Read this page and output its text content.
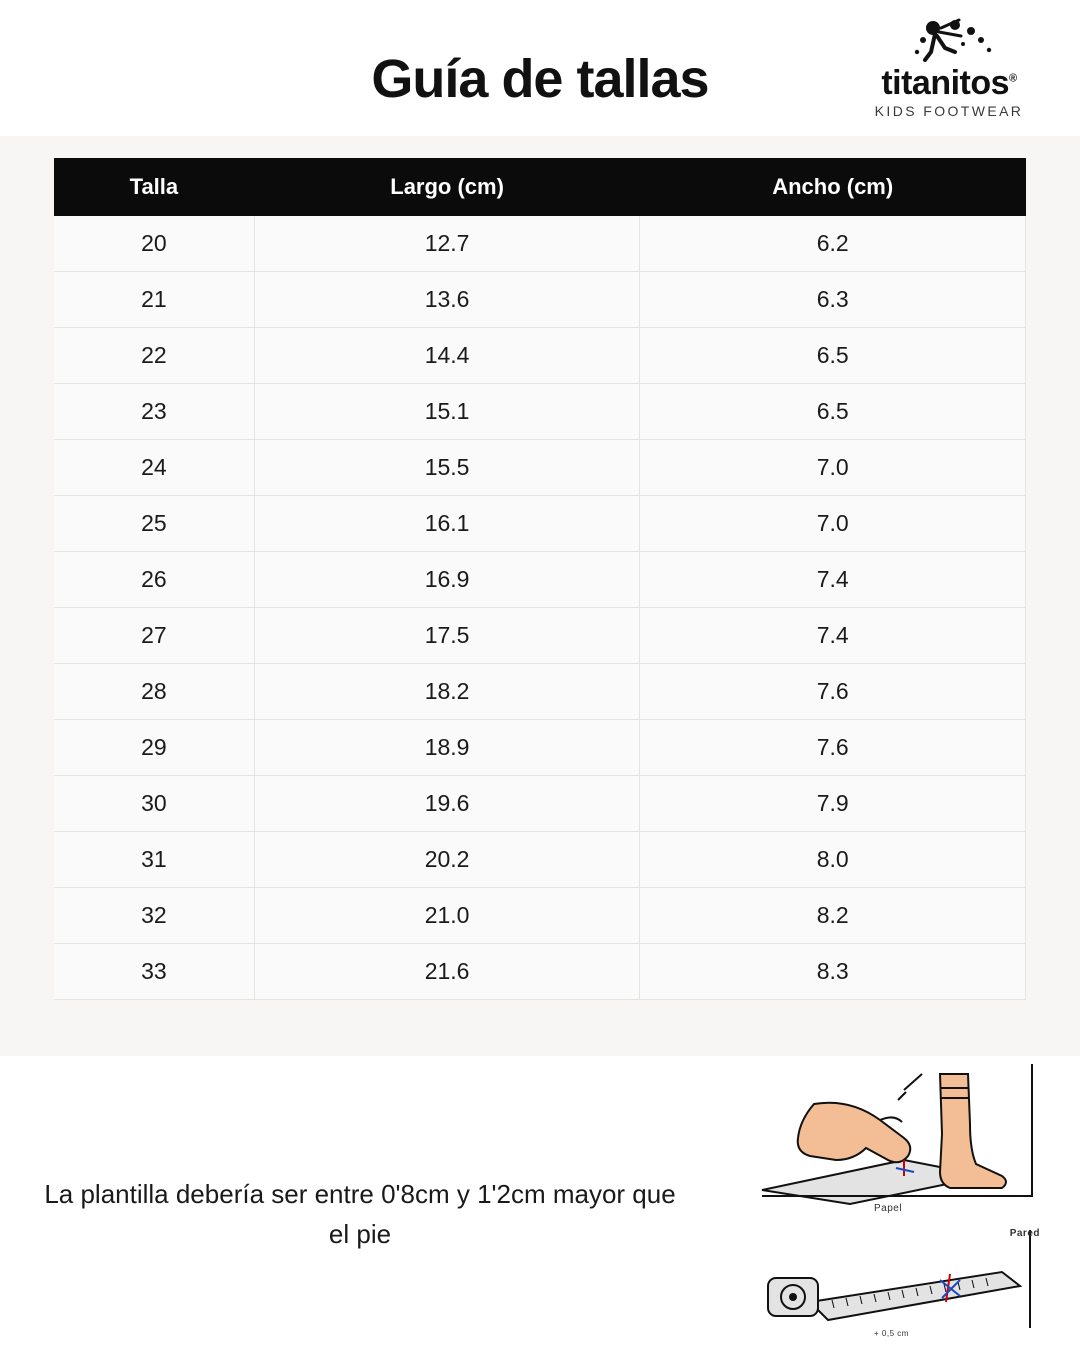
Guía de tallas	titanitos®
KIDS FOOTWEAR
Talla	Largo (cm)	Ancho (cm)
20	12.7	6.2
21	13.6	6.3
22	14.4	6.5
23	15.1	6.5
24	15.5	7.0
25	16.1	7.0
26	16.9	7.4
27	17.5	7.4
28	18.2	7.6
29	18.9	7.6
30	19.6	7.9
31	20.2	8.0
32	21.0	8.2
33	21.6	8.3
La plantilla debería ser entre 0'8cm y 1'2cm mayor que el pie
Papel
Pared
+ 0,5 cm
